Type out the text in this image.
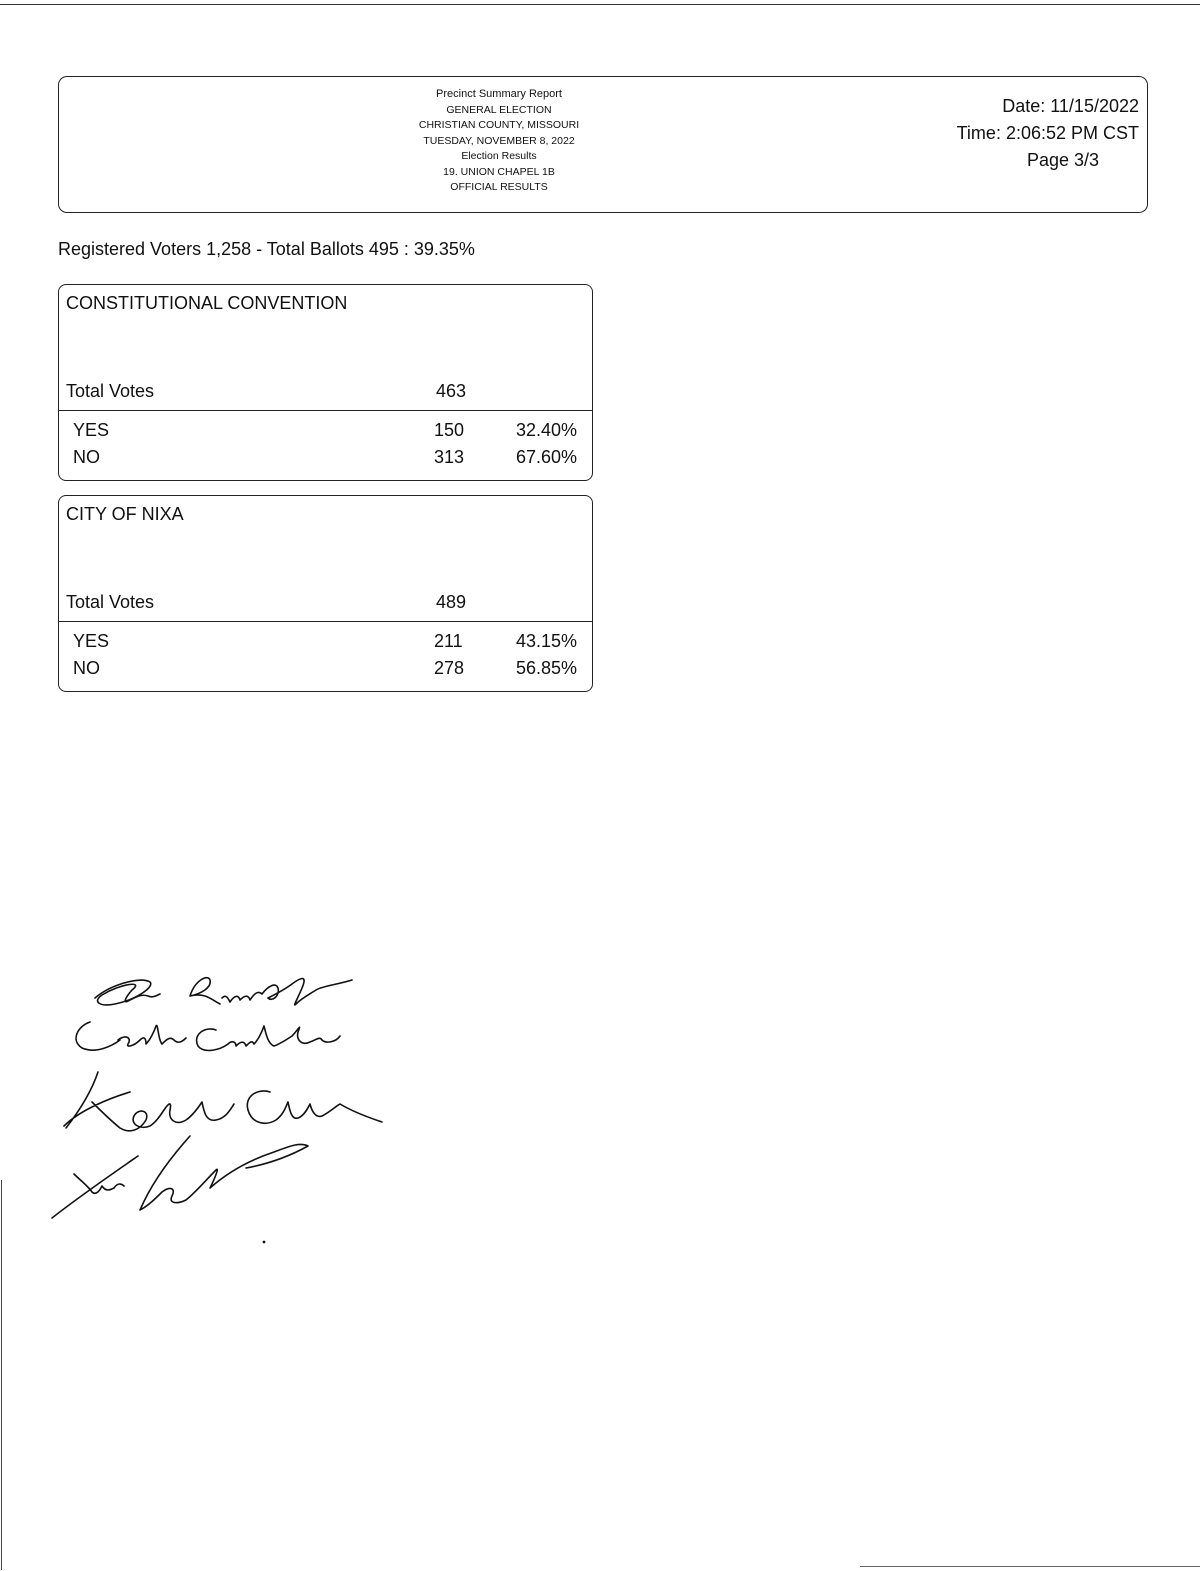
Precinct Summary Report
GENERAL ELECTION
CHRISTIAN COUNTY, MISSOURI
TUESDAY, NOVEMBER 8, 2022
Election Results
19. UNION CHAPEL 1B
OFFICIAL RESULTS
Date: 11/15/2022
Time: 2:06:52 PM CST
Page 3/3
Registered Voters 1,258 - Total Ballots 495 : 39.35%
CONSTITUTIONAL CONVENTION
Total Votes	463
YES	150	32.40%
NO	313	67.60%
CITY OF NIXA
Total Votes	489
YES	211	43.15%
NO	278	56.85%
